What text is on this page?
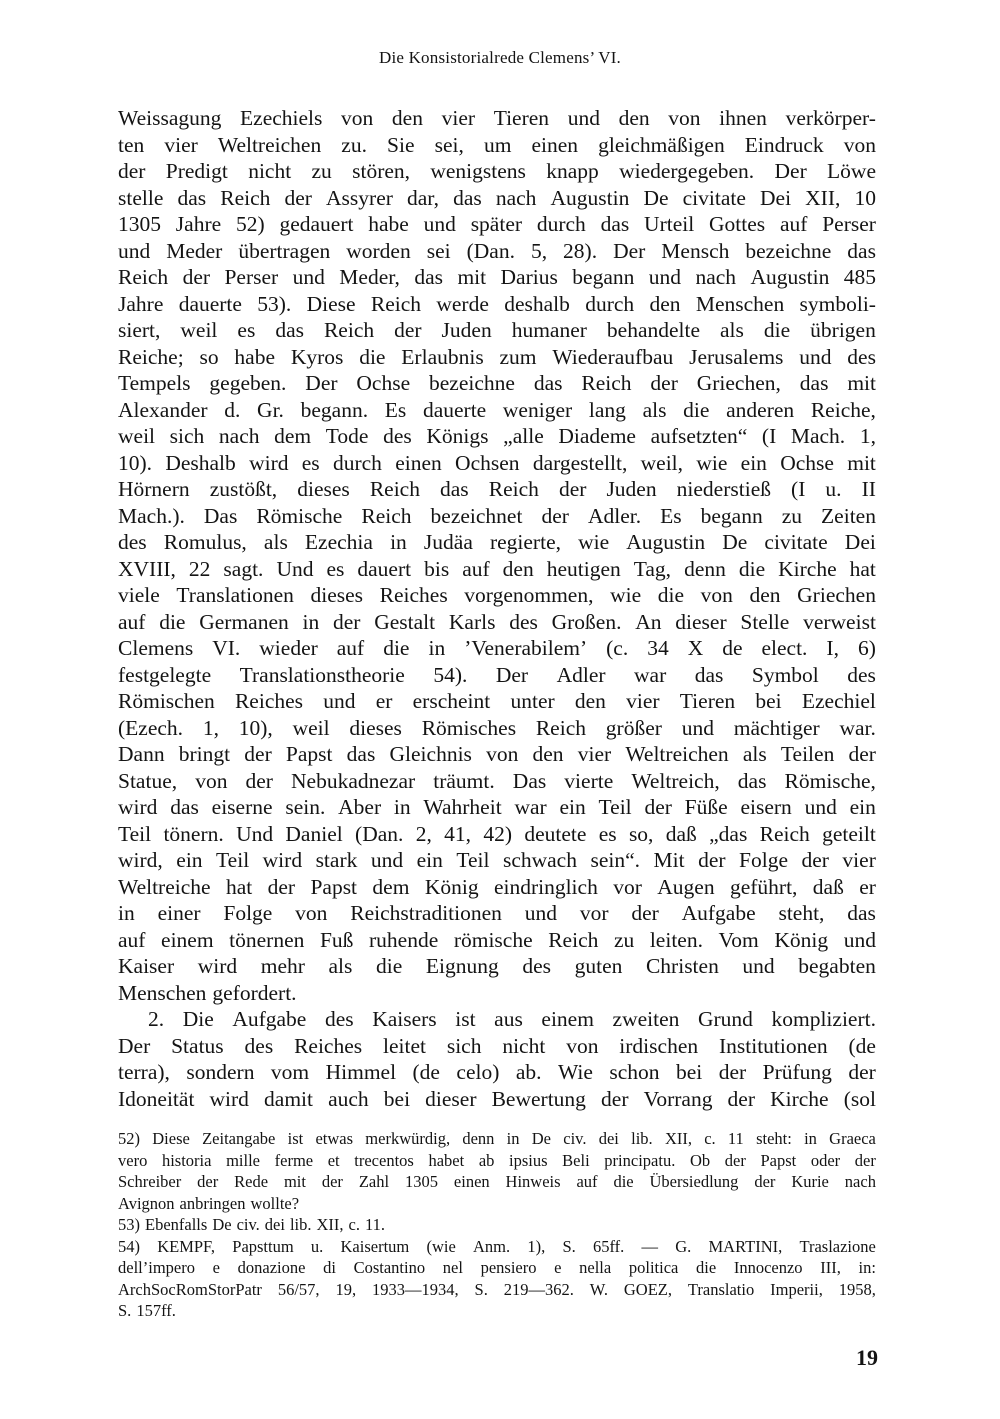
Die Konsistorialrede Clemens’ VI.
Weissagung Ezechiels von den vier Tieren und den von ihnen verkörper-
ten vier Weltreichen zu. Sie sei, um einen gleichmäßigen Eindruck von
der Predigt nicht zu stören, wenigstens knapp wiedergegeben. Der Löwe
stelle das Reich der Assyrer dar, das nach Augustin De civitate Dei XII, 10
1305 Jahre 52) gedauert habe und später durch das Urteil Gottes auf Perser
und Meder übertragen worden sei (Dan. 5, 28). Der Mensch bezeichne das
Reich der Perser und Meder, das mit Darius begann und nach Augustin 485
Jahre dauerte 53). Diese Reich werde deshalb durch den Menschen symboli-
siert, weil es das Reich der Juden humaner behandelte als die übrigen
Reiche; so habe Kyros die Erlaubnis zum Wiederaufbau Jerusalems und des
Tempels gegeben. Der Ochse bezeichne das Reich der Griechen, das mit
Alexander d. Gr. begann. Es dauerte weniger lang als die anderen Reiche,
weil sich nach dem Tode des Königs „alle Diademe aufsetzten“ (I Mach. 1,
10). Deshalb wird es durch einen Ochsen dargestellt, weil, wie ein Ochse mit
Hörnern zustößt, dieses Reich das Reich der Juden niederstieß (I u. II
Mach.). Das Römische Reich bezeichnet der Adler. Es begann zu Zeiten
des Romulus, als Ezechia in Judäa regierte, wie Augustin De civitate Dei
XVIII, 22 sagt. Und es dauert bis auf den heutigen Tag, denn die Kirche hat
viele Translationen dieses Reiches vorgenommen, wie die von den Griechen
auf die Germanen in der Gestalt Karls des Großen. An dieser Stelle verweist
Clemens VI. wieder auf die in ’Venerabilem’ (c. 34 X de elect. I, 6)
festgelegte Translationstheorie 54). Der Adler war das Symbol des
Römischen Reiches und er erscheint unter den vier Tieren bei Ezechiel
(Ezech. 1, 10), weil dieses Römisches Reich größer und mächtiger war.
Dann bringt der Papst das Gleichnis von den vier Weltreichen als Teilen der
Statue, von der Nebukadnezar träumt. Das vierte Weltreich, das Römische,
wird das eiserne sein. Aber in Wahrheit war ein Teil der Füße eisern und ein
Teil tönern. Und Daniel (Dan. 2, 41, 42) deutete es so, daß „das Reich geteilt
wird, ein Teil wird stark und ein Teil schwach sein“. Mit der Folge der vier
Weltreiche hat der Papst dem König eindringlich vor Augen geführt, daß er
in einer Folge von Reichstraditionen und vor der Aufgabe steht, das
auf einem tönernen Fuß ruhende römische Reich zu leiten. Vom König und
Kaiser wird mehr als die Eignung des guten Christen und begabten
Menschen gefordert.
2. Die Aufgabe des Kaisers ist aus einem zweiten Grund kompliziert.
Der Status des Reiches leitet sich nicht von irdischen Institutionen (de
terra), sondern vom Himmel (de celo) ab. Wie schon bei der Prüfung der
Idoneität wird damit auch bei dieser Bewertung der Vorrang der Kirche (sol
52) Diese Zeitangabe ist etwas merkwürdig, denn in De civ. dei lib. XII, c. 11 steht: in Graeca
vero historia mille ferme et trecentos habet ab ipsius Beli principatu. Ob der Papst oder der
Schreiber der Rede mit der Zahl 1305 einen Hinweis auf die Übersiedlung der Kurie nach
Avignon anbringen wollte?
53) Ebenfalls De civ. dei lib. XII, c. 11.
54) KEMPF, Papsttum u. Kaisertum (wie Anm. 1), S. 65ff. — G. MARTINI, Traslazione
dell’impero e donazione di Costantino nel pensiero e nella politica die Innocenzo III, in:
ArchSocRomStorPatr 56/57, 19, 1933—1934, S. 219—362. W. GOEZ, Translatio Imperii, 1958,
S. 157ff.
19
